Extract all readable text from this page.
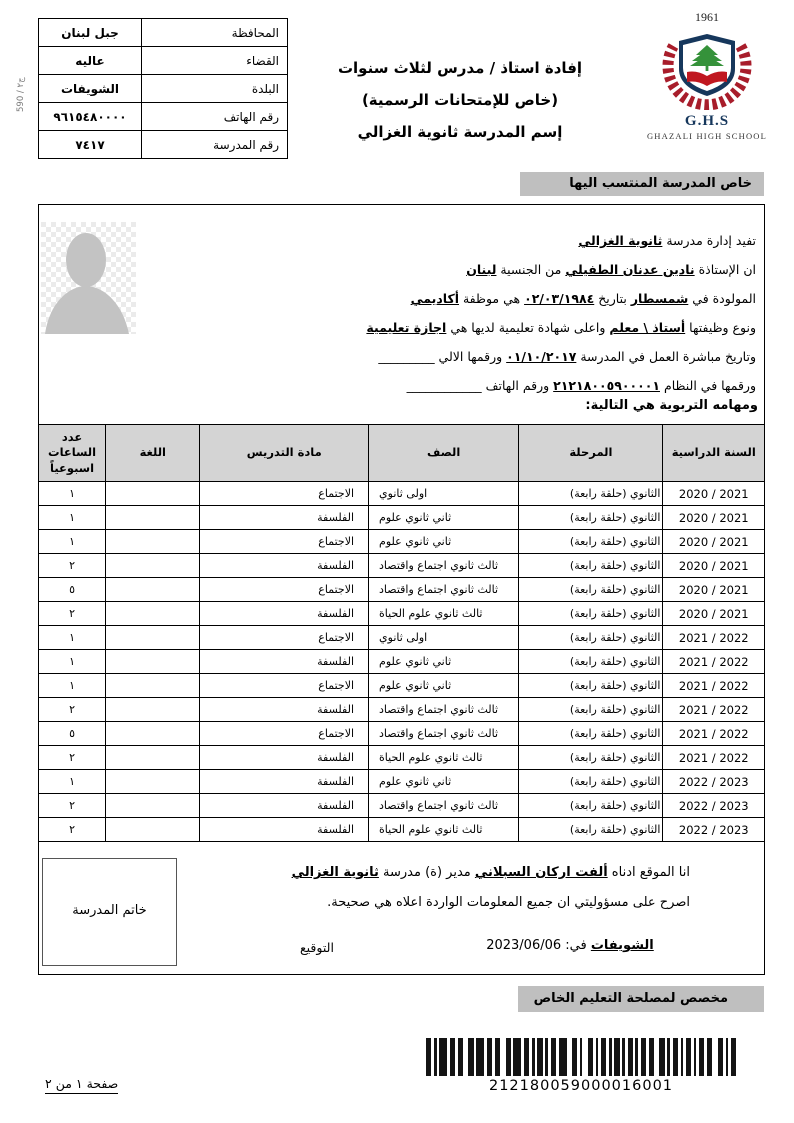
590 / ج٢
المحافظة	جبل لبنان
القضاء	عاليه
البلدة	الشويفات
رقم الهاتف	٩٦١٥٤٨٠٠٠٠
رقم المدرسة	٧٤١٧
إفادة استاذ / مدرس لثلاث سنوات
(خاص للإمتحانات الرسمية)
إسم المدرسة ثانوية الغزالي
1961
G.H.S
GHAZALI HIGH SCHOOL
خاص المدرسة المنتسب اليها
تفيد إدارة مدرسة ثانوية الغزالي
ان الإستاذة نادين عدنان الطفيلي من الجنسية لبنان
المولودة في شمسطار بتاريخ ٠٢/٠٣/١٩٨٤ هي موظفة أكاديمي
ونوع وظيفتها أستاذ \ معلم واعلى شهادة تعليمية لديها هي اجازة تعليمية
وتاريخ مباشرة العمل في المدرسة ٠١/١٠/٢٠١٧ ورقمها الالي _________
ورقمها في النظام ٢١٢١٨٠٠٥٩٠٠٠٠١ ورقم الهاتف ____________
ومهامه التربوية هي التالية:
السنة الدراسية	المرحلة	الصف	مادة التدريس	اللغة	عدد الساعات اسبوعياً
2020 / 2021	الثانوي (حلقة رابعة)	اولى ثانوي	الاجتماع		١
2020 / 2021	الثانوي (حلقة رابعة)	ثاني ثانوي علوم	الفلسفة		١
2020 / 2021	الثانوي (حلقة رابعة)	ثاني ثانوي علوم	الاجتماع		١
2020 / 2021	الثانوي (حلقة رابعة)	ثالث ثانوي اجتماع واقتصاد	الفلسفة		٢
2020 / 2021	الثانوي (حلقة رابعة)	ثالث ثانوي اجتماع واقتصاد	الاجتماع		٥
2020 / 2021	الثانوي (حلقة رابعة)	ثالث ثانوي علوم الحياة	الفلسفة		٢
2021 / 2022	الثانوي (حلقة رابعة)	اولى ثانوي	الاجتماع		١
2021 / 2022	الثانوي (حلقة رابعة)	ثاني ثانوي علوم	الفلسفة		١
2021 / 2022	الثانوي (حلقة رابعة)	ثاني ثانوي علوم	الاجتماع		١
2021 / 2022	الثانوي (حلقة رابعة)	ثالث ثانوي اجتماع واقتصاد	الفلسفة		٢
2021 / 2022	الثانوي (حلقة رابعة)	ثالث ثانوي اجتماع واقتصاد	الاجتماع		٥
2021 / 2022	الثانوي (حلقة رابعة)	ثالث ثانوي علوم الحياة	الفلسفة		٢
2022 / 2023	الثانوي (حلقة رابعة)	ثاني ثانوي علوم	الفلسفة		١
2022 / 2023	الثانوي (حلقة رابعة)	ثالث ثانوي اجتماع واقتصاد	الفلسفة		٢
2022 / 2023	الثانوي (حلقة رابعة)	ثالث ثانوي علوم الحياة	الفلسفة		٢
انا الموقع ادناه ألفت اركان السبلاني مدير (ة) مدرسة ثانوية الغزالي
اصرح على مسؤوليتي ان جميع المعلومات الواردة اعلاه هي صحيحة.
خاتم المدرسة
الشويفات في: 2023/06/06
التوقيع
مخصص لمصلحة التعليم الخاص
212180059000016001
صفحة ١ من ٢
